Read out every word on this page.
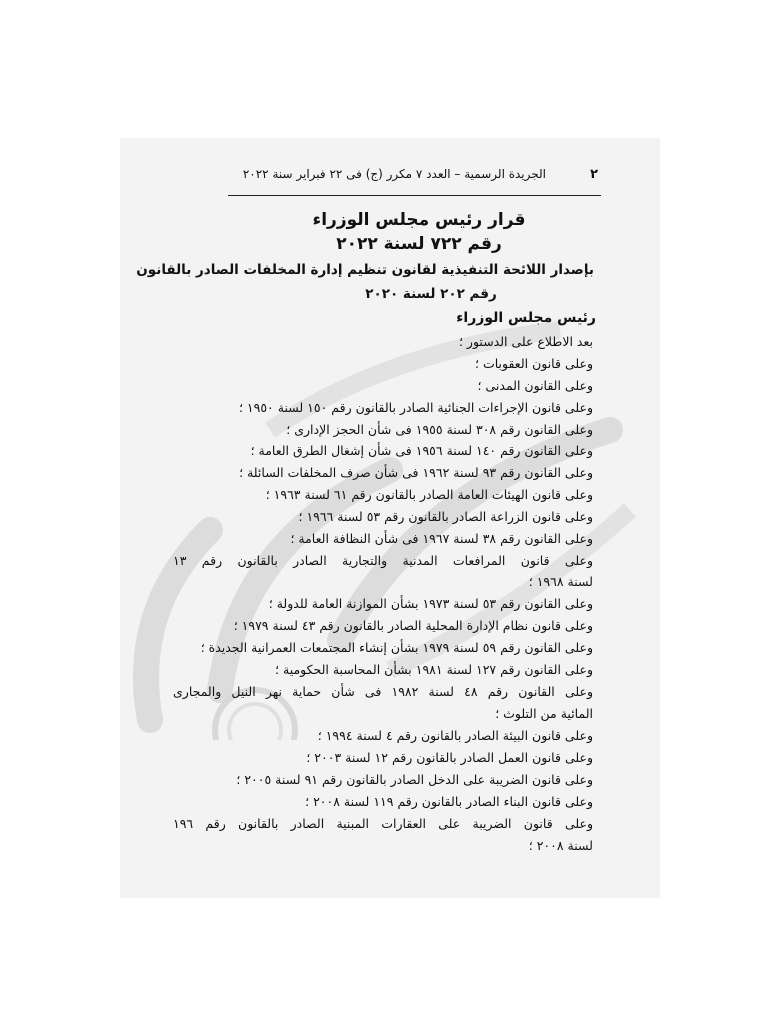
٢
الجريدة الرسمية – العدد ٧ مكرر (ج) فى ٢٢ فبراير سنة ٢٠٢٢
قرار رئيس مجلس الوزراء
رقم ٧٢٢ لسنة ٢٠٢٢
بإصدار اللائحة التنفيذية لقانون تنظيم إدارة المخلفات الصادر بالقانون
رقم ٢٠٢ لسنة ٢٠٢٠
رئيس مجلس الوزراء
بعد الاطلاع على الدستور ؛
وعلى قانون العقوبات ؛
وعلى القانون المدنى ؛
وعلى قانون الإجراءات الجنائية الصادر بالقانون رقم ١٥٠ لسنة ١٩٥٠ ؛
وعلى القانون رقم ٣٠٨ لسنة ١٩٥٥ فى شأن الحجز الإدارى ؛
وعلى القانون رقم ١٤٠ لسنة ١٩٥٦ فى شأن إشغال الطرق العامة ؛
وعلى القانون رقم ٩٣ لسنة ١٩٦٢ فى شأن صرف المخلفات السائلة ؛
وعلى قانون الهيئات العامة الصادر بالقانون رقم ٦١ لسنة ١٩٦٣ ؛
وعلى قانون الزراعة الصادر بالقانون رقم ٥٣ لسنة ١٩٦٦ ؛
وعلى القانون رقم ٣٨ لسنة ١٩٦٧ فى شأن النظافة العامة ؛
وعلى قانون المرافعات المدنية والتجارية الصادر بالقانون رقم ١٣
لسنة ١٩٦٨ ؛
وعلى القانون رقم ٥٣ لسنة ١٩٧٣ بشأن الموازنة العامة للدولة ؛
وعلى قانون نظام الإدارة المحلية الصادر بالقانون رقم ٤٣ لسنة ١٩٧٩ ؛
وعلى القانون رقم ٥٩ لسنة ١٩٧٩ بشأن إنشاء المجتمعات العمرانية الجديدة ؛
وعلى القانون رقم ١٢٧ لسنة ١٩٨١ بشأن المحاسبة الحكومية ؛
وعلى القانون رقم ٤٨ لسنة ١٩٨٢ فى شأن حماية نهر النيل والمجارى
المائية من التلوث ؛
وعلى قانون البيئة الصادر بالقانون رقم ٤ لسنة ١٩٩٤ ؛
وعلى قانون العمل الصادر بالقانون رقم ١٢ لسنة ٢٠٠٣ ؛
وعلى قانون الضريبة على الدخل الصادر بالقانون رقم ٩١ لسنة ٢٠٠٥ ؛
وعلى قانون البناء الصادر بالقانون رقم ١١٩ لسنة ٢٠٠٨ ؛
وعلى قانون الضريبة على العقارات المبنية الصادر بالقانون رقم ١٩٦
لسنة ٢٠٠٨ ؛
